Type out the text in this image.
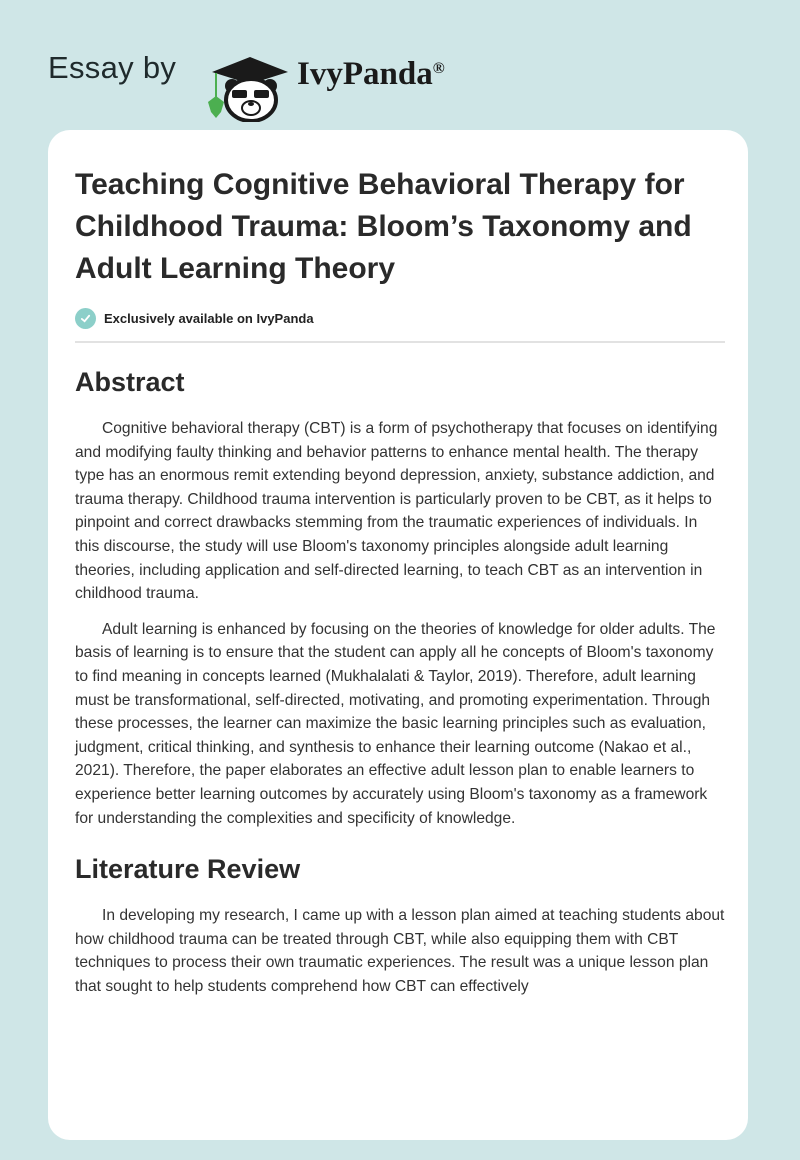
Essay by	IvyPanda®
Teaching Cognitive Behavioral Therapy for Childhood Trauma: Bloom’s Taxonomy and Adult Learning Theory
Exclusively available on IvyPanda
Abstract

Cognitive behavioral therapy (CBT) is a form of psychotherapy that focuses on identifying and modifying faulty thinking and behavior patterns to enhance mental health. The therapy type has an enormous remit extending beyond depression, anxiety, substance addiction, and trauma therapy. Childhood trauma intervention is particularly proven to be CBT, as it helps to pinpoint and correct drawbacks stemming from the traumatic experiences of individuals. In this discourse, the study will use Bloom's taxonomy principles alongside adult learning theories, including application and self-directed learning, to teach CBT as an intervention in childhood trauma.

Adult learning is enhanced by focusing on the theories of knowledge for older adults. The basis of learning is to ensure that the student can apply all he concepts of Bloom's taxonomy to find meaning in concepts learned (Mukhalalati & Taylor, 2019). Therefore, adult learning must be transformational, self-directed, motivating, and promoting experimentation. Through these processes, the learner can maximize the basic learning principles such as evaluation, judgment, critical thinking, and synthesis to enhance their learning outcome (Nakao et al., 2021). Therefore, the paper elaborates an effective adult lesson plan to enable learners to experience better learning outcomes by accurately using Bloom's taxonomy as a framework for understanding the complexities and specificity of knowledge.

Literature Review

In developing my research, I came up with a lesson plan aimed at teaching students about how childhood trauma can be treated through CBT, while also equipping them with CBT techniques to process their own traumatic experiences. The result was a unique lesson plan that sought to help students comprehend how CBT can effectively
